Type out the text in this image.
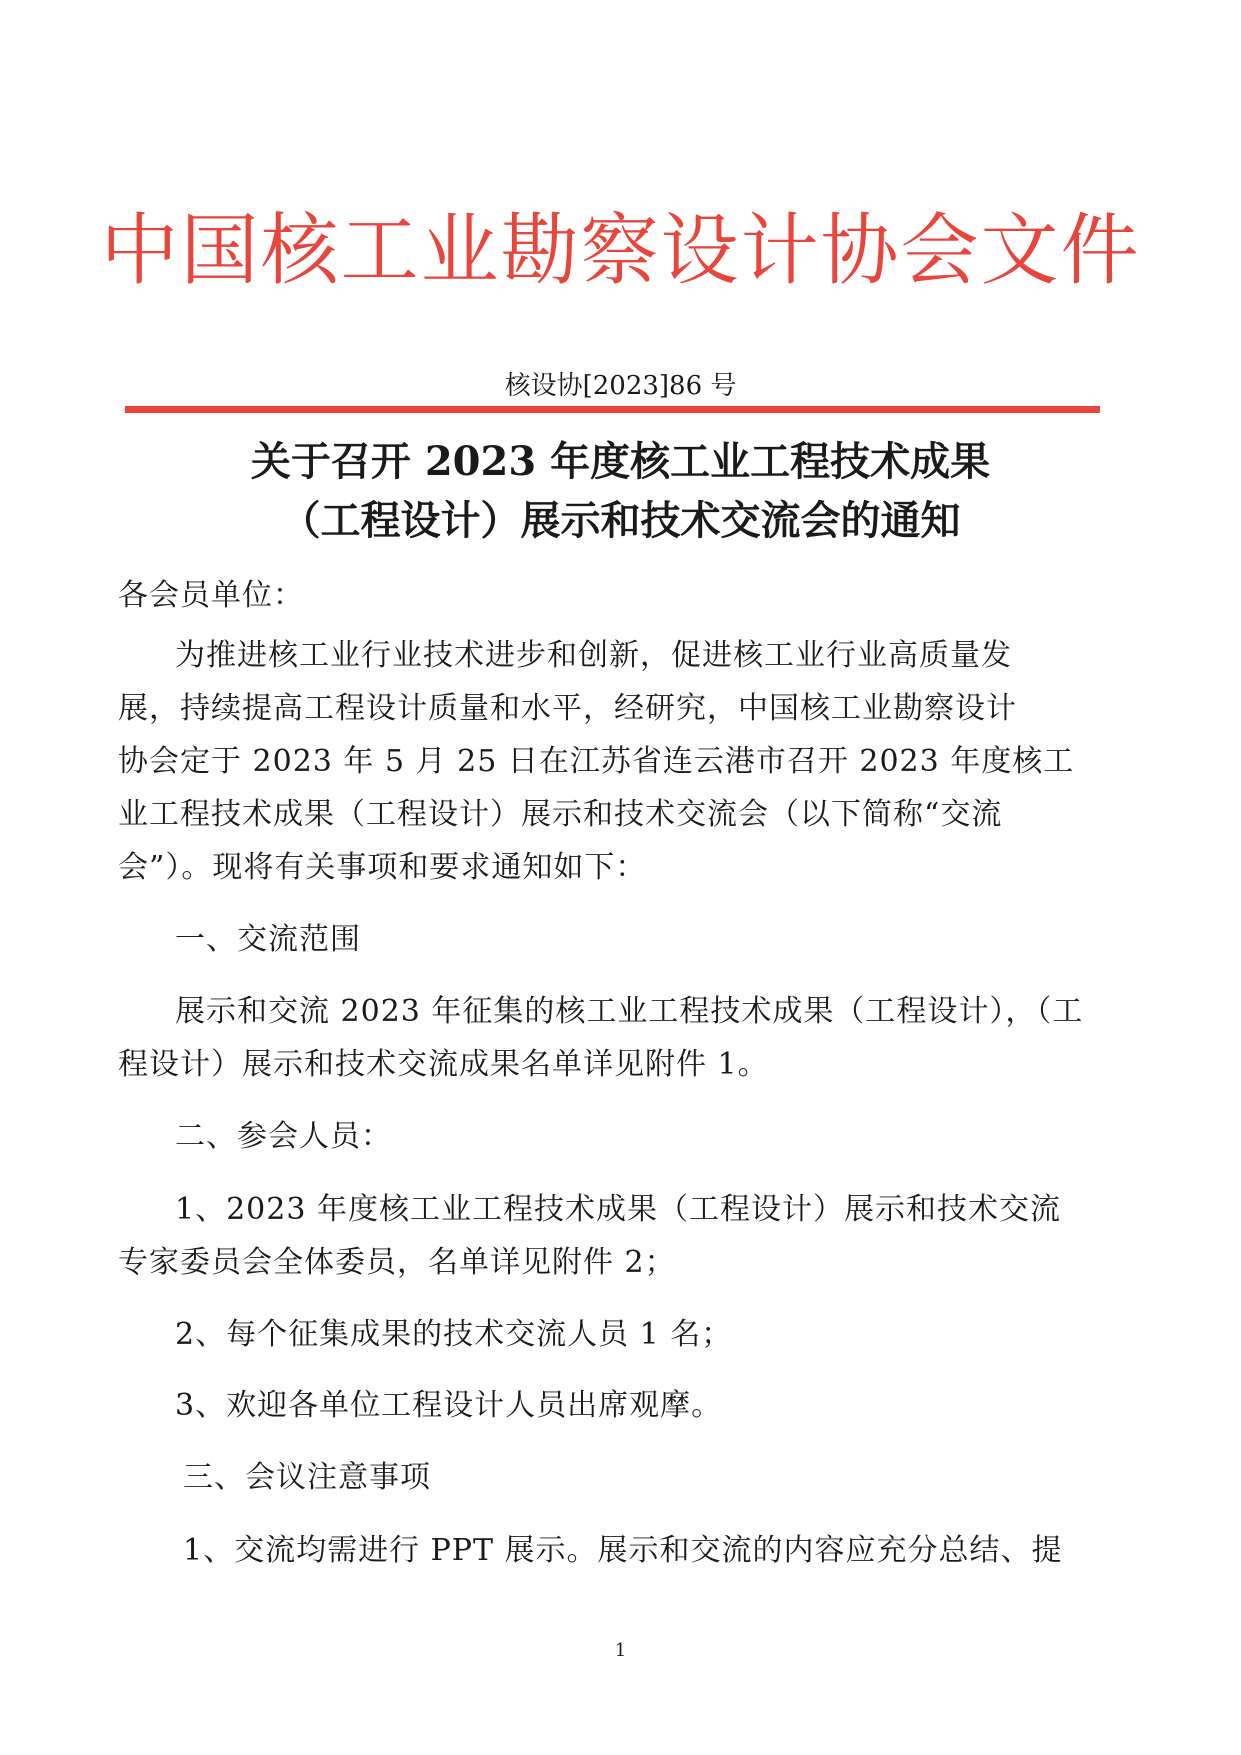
中国核工业勘察设计协会文件
核设协[2023]86 号
关于召开 2023 年度核工业工程技术成果
（工程设计）展示和技术交流会的通知
各会员单位：
为推进核工业行业技术进步和创新，促进核工业行业高质量发
展，持续提高工程设计质量和水平，经研究，中国核工业勘察设计
协会定于 2023 年 5 月 25 日在江苏省连云港市召开 2023 年度核工
业工程技术成果（工程设计）展示和技术交流会（以下简称“交流
会”）。现将有关事项和要求通知如下：
一、交流范围
展示和交流 2023 年征集的核工业工程技术成果（工程设计），（工
程设计）展示和技术交流成果名单详见附件 1。
二、参会人员：
1、2023 年度核工业工程技术成果（工程设计）展示和技术交流
专家委员会全体委员，名单详见附件 2；
2、每个征集成果的技术交流人员 1 名；
3、欢迎各单位工程设计人员出席观摩。
三、会议注意事项
1、交流均需进行 PPT 展示。展示和交流的内容应充分总结、提
1
